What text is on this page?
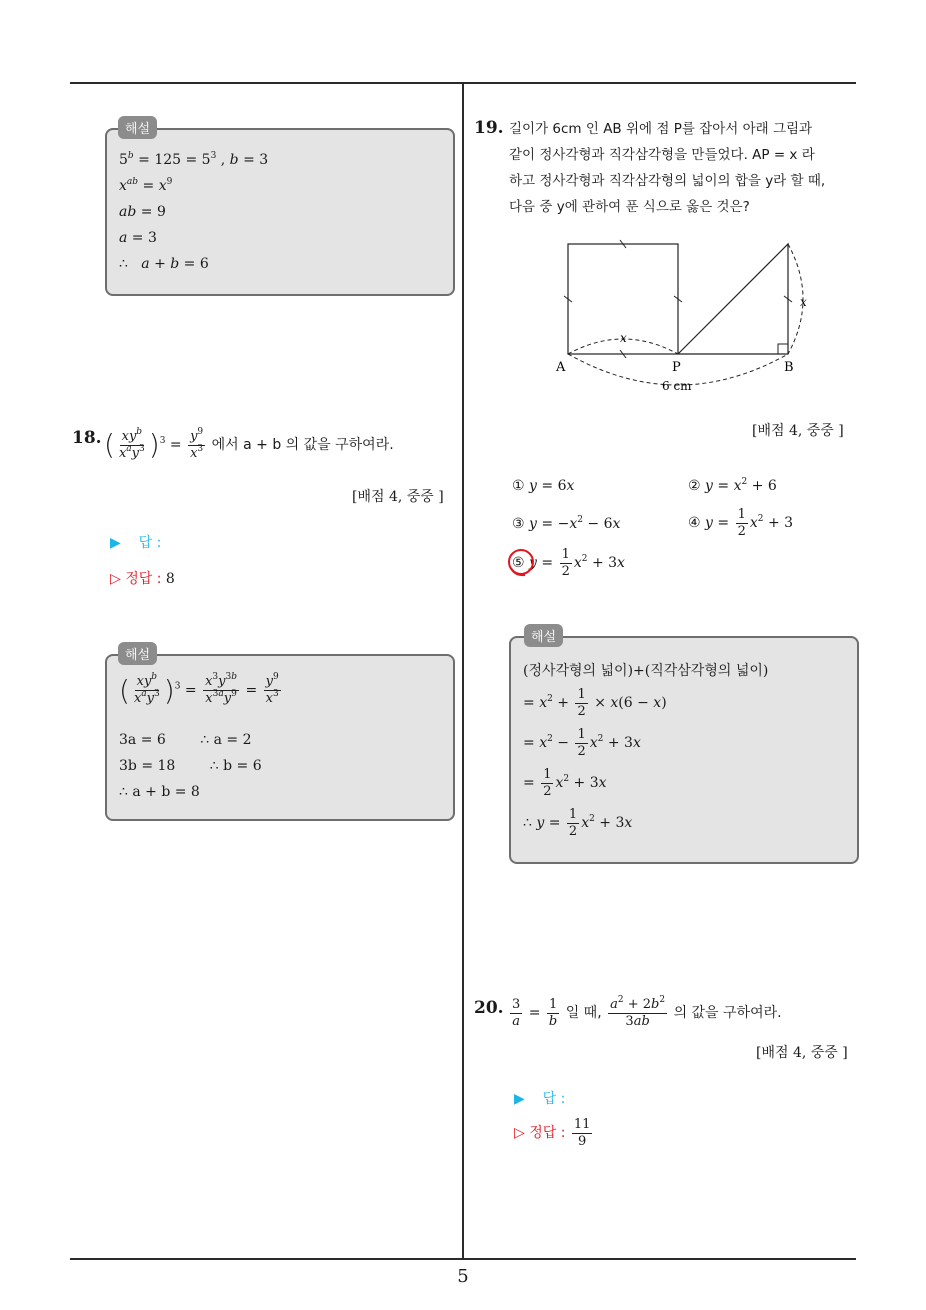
$5^b = 125 = 5^3$ , b = 3
$x^{ab} = x^9$
ab = 9
a = 3
∴   a + b = 6
해설
18. ( $\frac{xy^b}{x^ay^3} )^3 = \frac{y^9}{x^3}$ 에서 a + b 의 값을 구하여라.
[배점 4, 중중 ]
▶ 답 :
▷ 정답 : 8
( $\frac{xy^b}{x^ay^3} )^3 = \frac{x^3y^{3b}}{x^{3a}y^9} = \frac{y^9}{x^3}$
3a = 6 ∴ a = 2
3b = 18 ∴ b = 6
∴ a + b = 8
해설
19. 길이가 6cm 인 AB 위에 점 P를 잡아서 아래 그림과
같이 정사각형과 직각삼각형을 만들었다. AP = x 라
하고 정사각형과 직각삼각형의 넓이의 합을 y라 할 때,
다음 중 y에 관하여 푼 식으로 옳은 것은?
A	P	B
x
x
6 cm
[배점 4, 중중 ]
① y = 6x	② $y = x^2 + 6$
③ $y = -x^2 - 6x$	④ $y = \frac{1}{2} x^2 + 3$
⑤ $y = \frac{1}{2} x^2 + 3x$
(정사각형의 넓이)+(직각삼각형의 넓이)
= $x^2 + \frac{1}{2} \times x(6 - x)$
= $x^2 - \frac{1}{2} x^2 + 3x$
= $\frac{1}{2} x^2 + 3x$
∴ $y = \frac{1}{2} x^2 + 3x$
해설
20. $\frac{3}{a} = \frac{1}{b}$ 일 때, $\frac{a^2 + 2b^2}{3ab}$ 의 값을 구하여라.
[배점 4, 중중 ]
▶ 답 :
▷ 정답 : $\frac{11}{9}$
5
